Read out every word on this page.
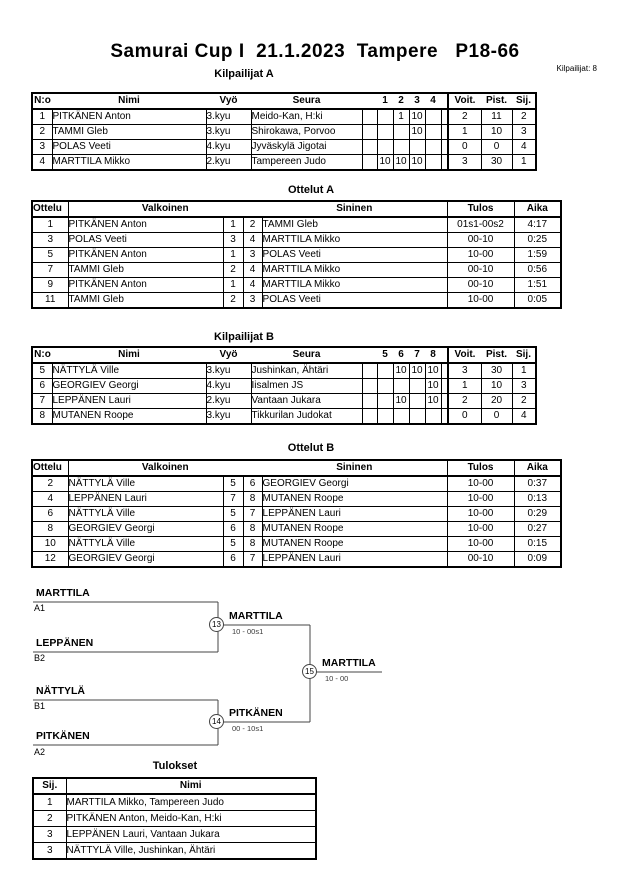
Samurai Cup I  21.1.2023  Tampere   P18-66
Kilpailijat: 8
Kilpailijat A
N:o	Nimi	Vyö	Seura		1	2	3	4		Voit.	Pist.	Sij.
1	PITKÄNEN Anton	3.kyu	Meido-Kan, H:ki			1	10			2	11	2
2	TAMMI Gleb	3.kyu	Shirokawa, Porvoo				10			1	10	3
3	POLAS Veeti	4.kyu	Jyväskylä Jigotai							0	0	4
4	MARTTILA Mikko	2.kyu	Tampereen Judo		10	10	10			3	30	1
Ottelut A
Ottelu	Valkoinen			Sininen	Tulos	Aika
1	PITKÄNEN Anton	1	2	TAMMI Gleb	01s1-00s2	4:17
3	POLAS Veeti	3	4	MARTTILA Mikko	00-10	0:25
5	PITKÄNEN Anton	1	3	POLAS Veeti	10-00	1:59
7	TAMMI Gleb	2	4	MARTTILA Mikko	00-10	0:56
9	PITKÄNEN Anton	1	4	MARTTILA Mikko	00-10	1:51
11	TAMMI Gleb	2	3	POLAS Veeti	10-00	0:05
Kilpailijat B
N:o	Nimi	Vyö	Seura		5	6	7	8		Voit.	Pist.	Sij.
5	NÄTTYLÄ Ville	3.kyu	Jushinkan, Ähtäri			10	10	10		3	30	1
6	GEORGIEV Georgi	4.kyu	Iisalmen JS					10		1	10	3
7	LEPPÄNEN Lauri	2.kyu	Vantaan Jukara			10		10		2	20	2
8	MUTANEN Roope	3.kyu	Tikkurilan Judokat							0	0	4
Ottelut B
Ottelu	Valkoinen			Sininen	Tulos	Aika
2	NÄTTYLÄ Ville	5	6	GEORGIEV Georgi	10-00	0:37
4	LEPPÄNEN Lauri	7	8	MUTANEN Roope	10-00	0:13
6	NÄTTYLÄ Ville	5	7	LEPPÄNEN Lauri	10-00	0:29
8	GEORGIEV Georgi	6	8	MUTANEN Roope	10-00	0:27
10	NÄTTYLÄ Ville	5	8	MUTANEN Roope	10-00	0:15
12	GEORGIEV Georgi	6	7	LEPPÄNEN Lauri	00-10	0:09
MARTTILA
A1
LEPPÄNEN
B2
NÄTTYLÄ
B1
PITKÄNEN
A2
13
MARTTILA
10 - 00s1
14
PITKÄNEN
00 - 10s1
15
MARTTILA
10 - 00
Tulokset
Sij.	Nimi
1	MARTTILA Mikko, Tampereen Judo
2	PITKÄNEN Anton, Meido-Kan, H:ki
3	LEPPÄNEN Lauri, Vantaan Jukara
3	NÄTTYLÄ Ville, Jushinkan, Ähtäri
